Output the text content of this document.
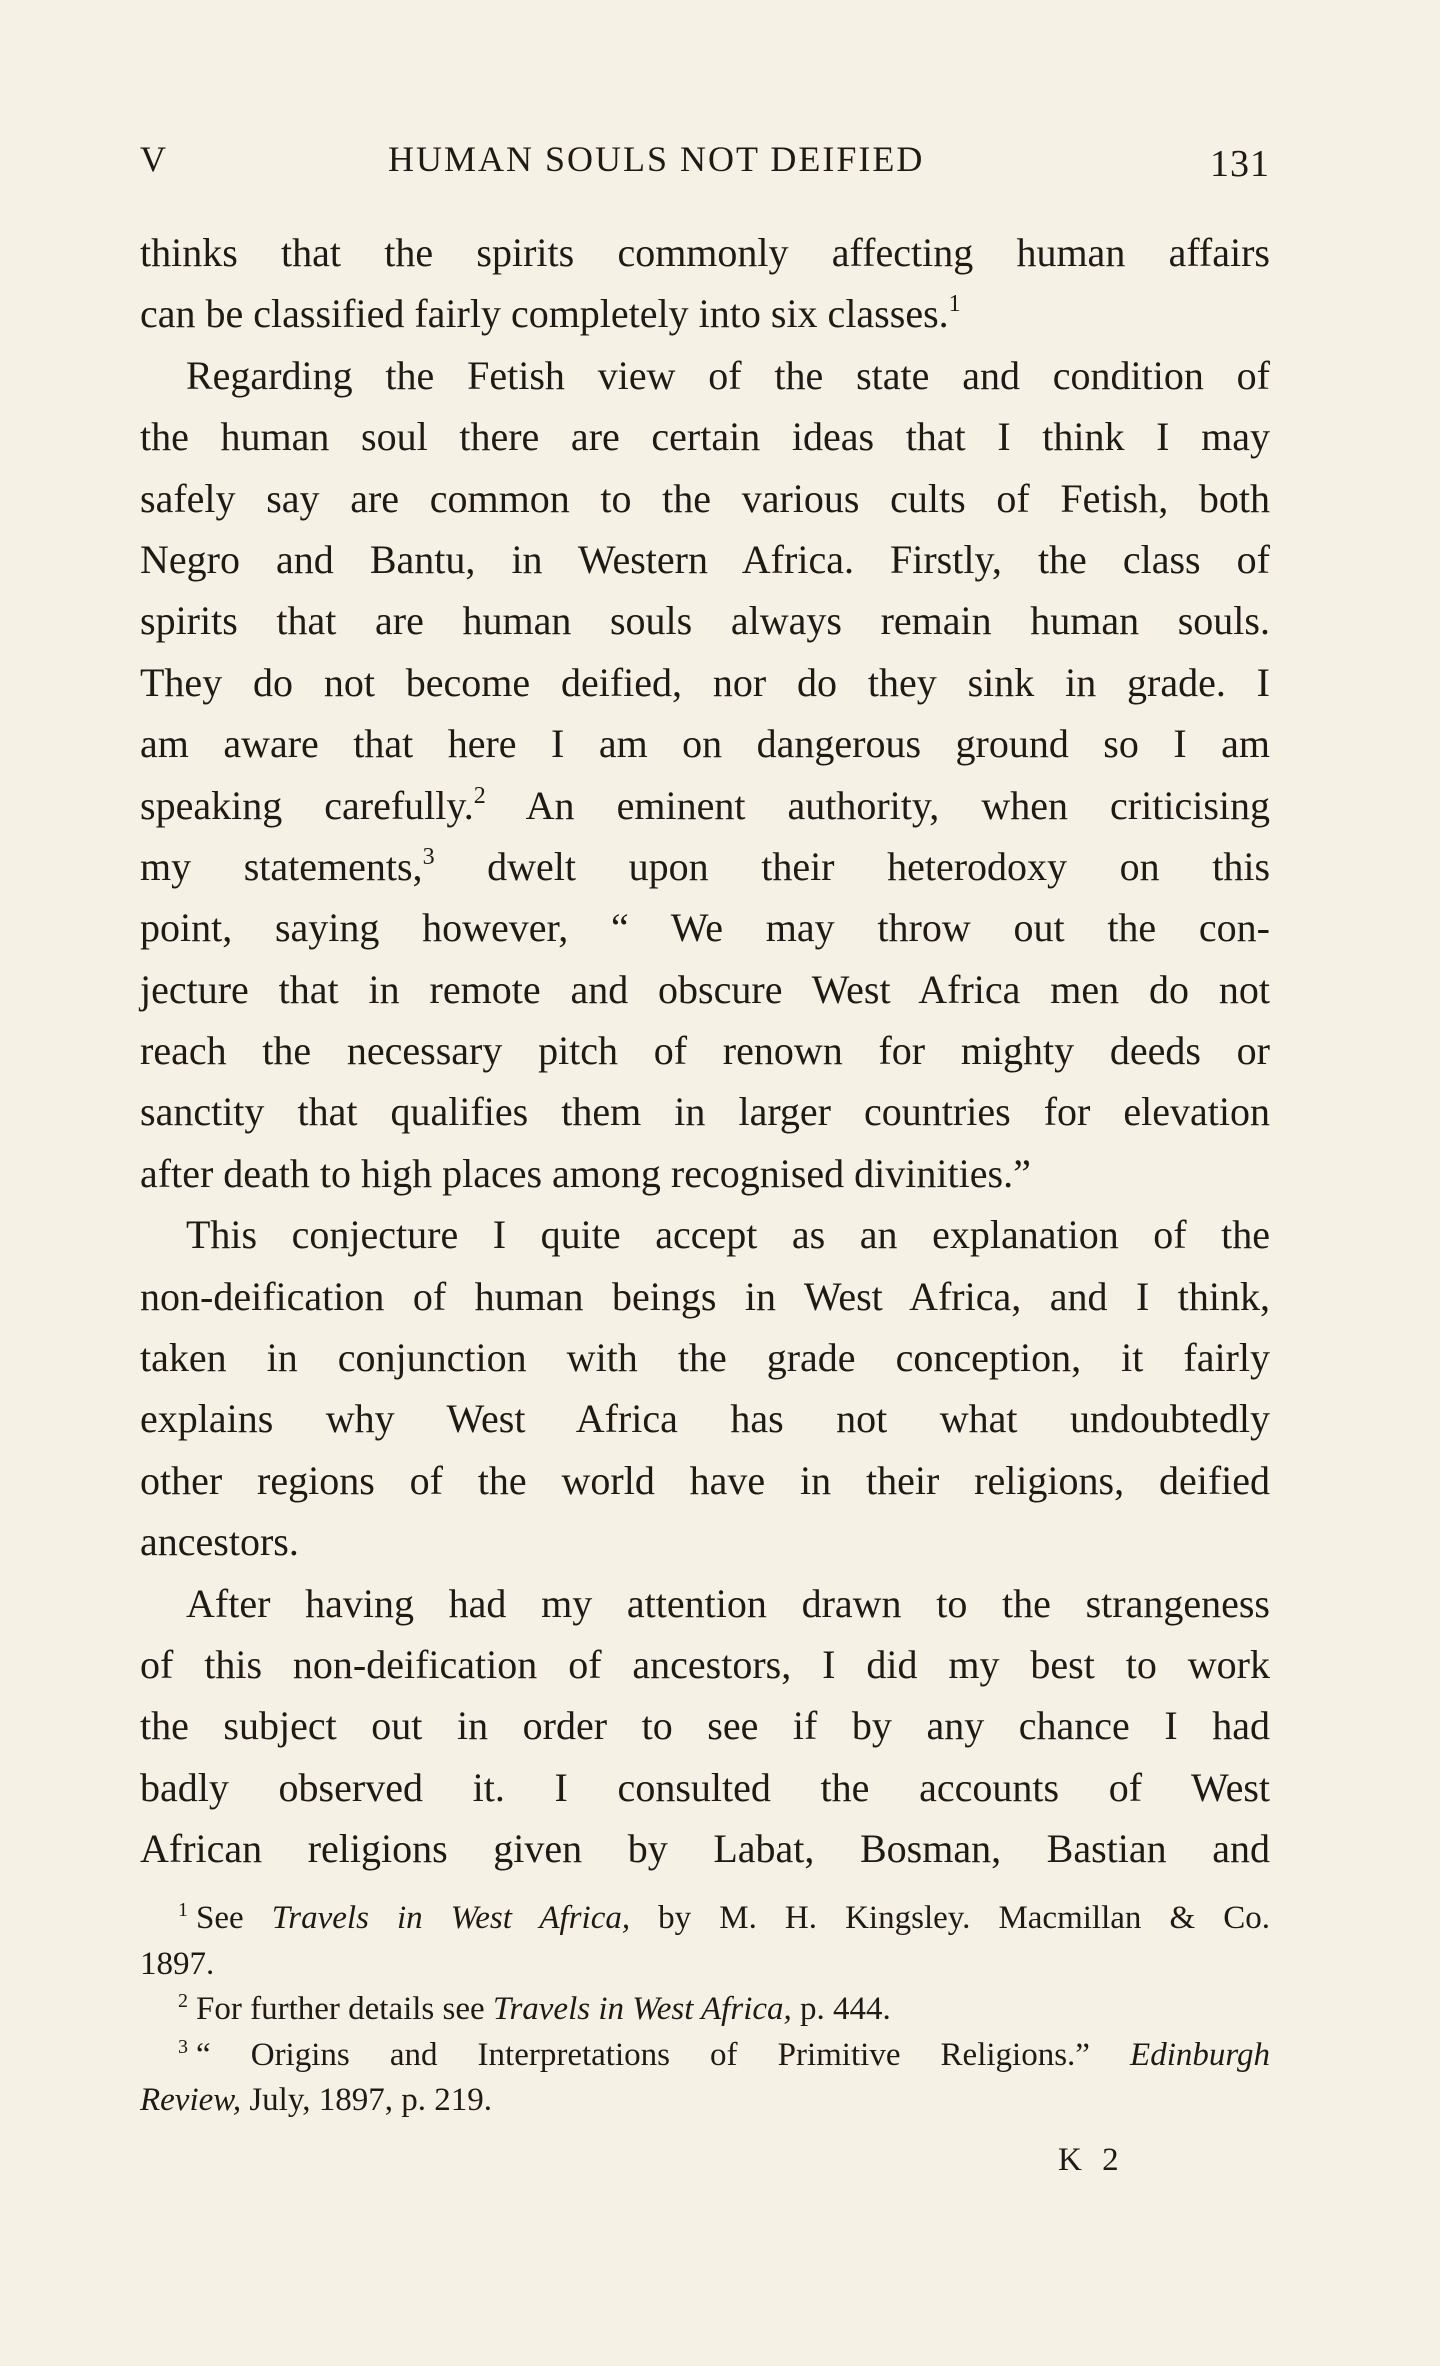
V	HUMAN SOULS NOT DEIFIED	131
thinks that the spirits commonly affecting human affairs
can be classified fairly completely into six classes.$^1$
Regarding the Fetish view of the state and condition of
the human soul there are certain ideas that I think I may
safely say are common to the various cults of Fetish, both
Negro and Bantu, in Western Africa. Firstly, the class of
spirits that are human souls always remain human souls.
They do not become deified, nor do they sink in grade. I
am aware that here I am on dangerous ground so I am
speaking carefully.$^2$ An eminent authority, when criticising
my statements,$^3$ dwelt upon their heterodoxy on this
point, saying however, “ We may throw out the con-
jecture that in remote and obscure West Africa men do not
reach the necessary pitch of renown for mighty deeds or
sanctity that qualifies them in larger countries for elevation
after death to high places among recognised divinities.”
This conjecture I quite accept as an explanation of the
non-deification of human beings in West Africa, and I think,
taken in conjunction with the grade conception, it fairly
explains why West Africa has not what undoubtedly
other regions of the world have in their religions, deified
ancestors.
After having had my attention drawn to the strangeness
of this non-deification of ancestors, I did my best to work
the subject out in order to see if by any chance I had
badly observed it. I consulted the accounts of West
African religions given by Labat, Bosman, Bastian and
$^1$ See Travels in West Africa, by M. H. Kingsley. Macmillan & Co.
1897.
$^2$ For further details see Travels in West Africa, p. 444.
$^3$ “ Origins and Interpretations of Primitive Religions.” Edinburgh
Review, July, 1897, p. 219.
K 2
